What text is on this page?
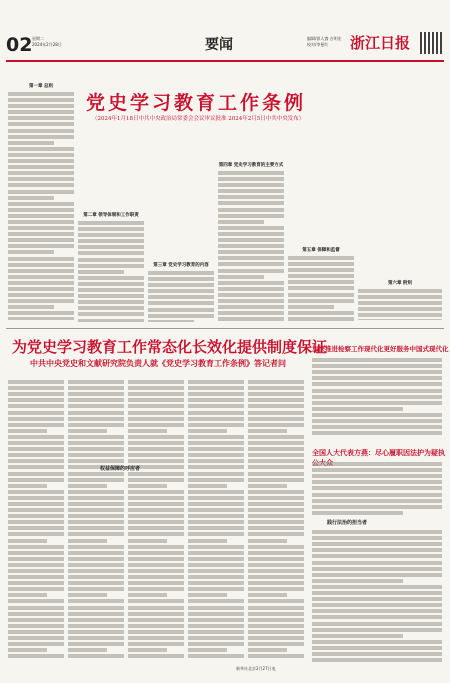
02 星期二
2024年2月28日	要闻	编辑/郭人寰 吉明宏
校对/李曼红	浙江日报
党史学习教育工作条例
（2024年1月18日中共中央政治局常委会会议审议批准 2024年2月5日中共中央发布）
第一章 总则
第二章 领导体制和工作职责
第三章 党史学习教育的内容
第四章 党史学习教育的主要方式
第五章 保障和监督
第六章 附则
为党史学习教育工作常态化长效化提供制度保证
中共中央党史和文献研究院负责人就《党史学习教育工作条例》答记者问
权益保障的呼应者
加快推进检察工作现代化更好服务中国式现代化
全国人大代表方燕：尽心履职因法护为疑执
践行法治的担当者
新华社北京2月27日电
